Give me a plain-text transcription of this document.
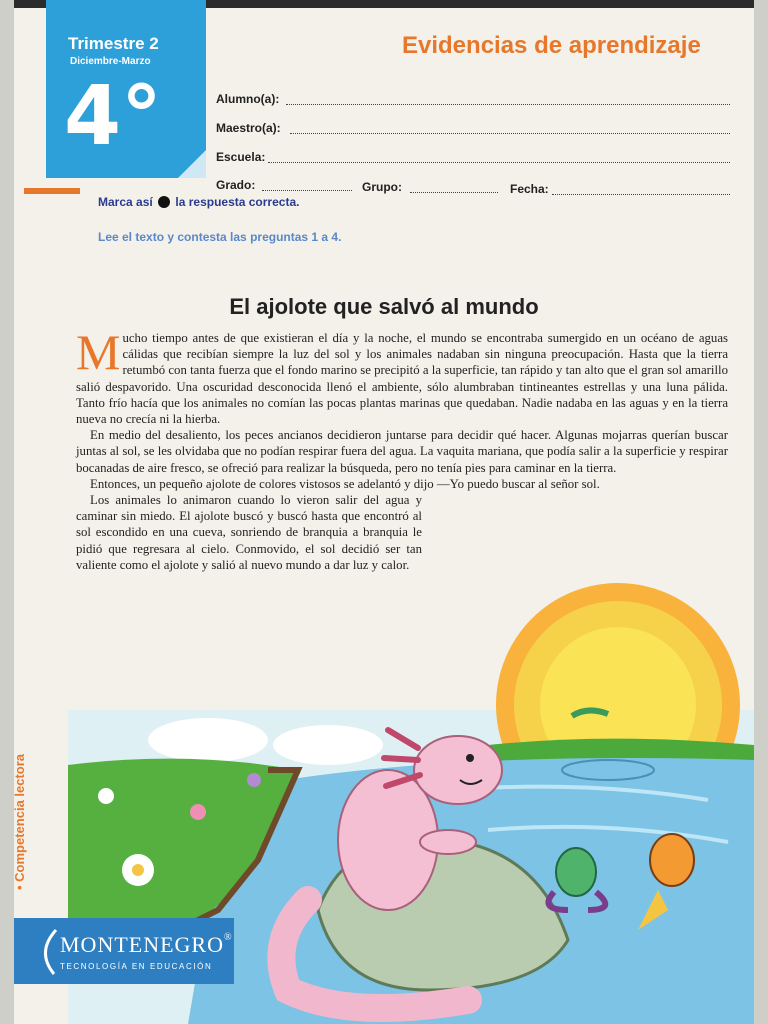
Trimestre 2
Diciembre-Marzo
4°
Evidencias de aprendizaje
Alumno(a):
Maestro(a):
Escuela:
Grado:	Grupo:	Fecha:
Marca así la respuesta correcta.
Lee el texto y contesta las preguntas 1 a 4.
El ajolote que salvó al mundo

Mucho tiempo antes de que existieran el día y la noche, el mundo se encontraba sumergido en un océano de aguas cálidas que recibían siempre la luz del sol y los animales nadaban sin ninguna preocupación. Hasta que la tierra retumbó con tanta fuerza que el fondo marino se precipitó a la superficie, tan rápido y tan alto que el gran sol amarillo salió despavorido. Una oscuridad desconocida llenó el ambiente, sólo alumbraban tintineantes estrellas y una luna pálida. Tanto frío hacía que los animales no comían las pocas plantas marinas que quedaban. Nadie nadaba en las aguas y en la tierra nueva no crecía ni la hierba.

En medio del desaliento, los peces ancianos decidieron juntarse para decidir qué hacer. Algunas mojarras querían buscar juntas al sol, se les olvidaba que no podían respirar fuera del agua. La vaquita mariana, que podía salir a la superficie y respirar bocanadas de aire fresco, se ofreció para realizar la búsqueda, pero no tenía pies para caminar en la tierra.

Entonces, un pequeño ajolote de colores vistosos se adelantó y dijo —Yo puedo buscar al señor sol.

Los animales lo animaron cuando lo vieron salir del agua y caminar sin miedo. El ajolote buscó y buscó hasta que encontró al sol escondido en una cueva, sonriendo de branquia a branquia le pidió que regresara al cielo. Conmovido, el sol decidió ser tan valiente como el ajolote y salió al nuevo mundo a dar luz y calor.

• Competencia lectora
MONTENEGRO®
TECNOLOGÍA EN EDUCACIÓN
